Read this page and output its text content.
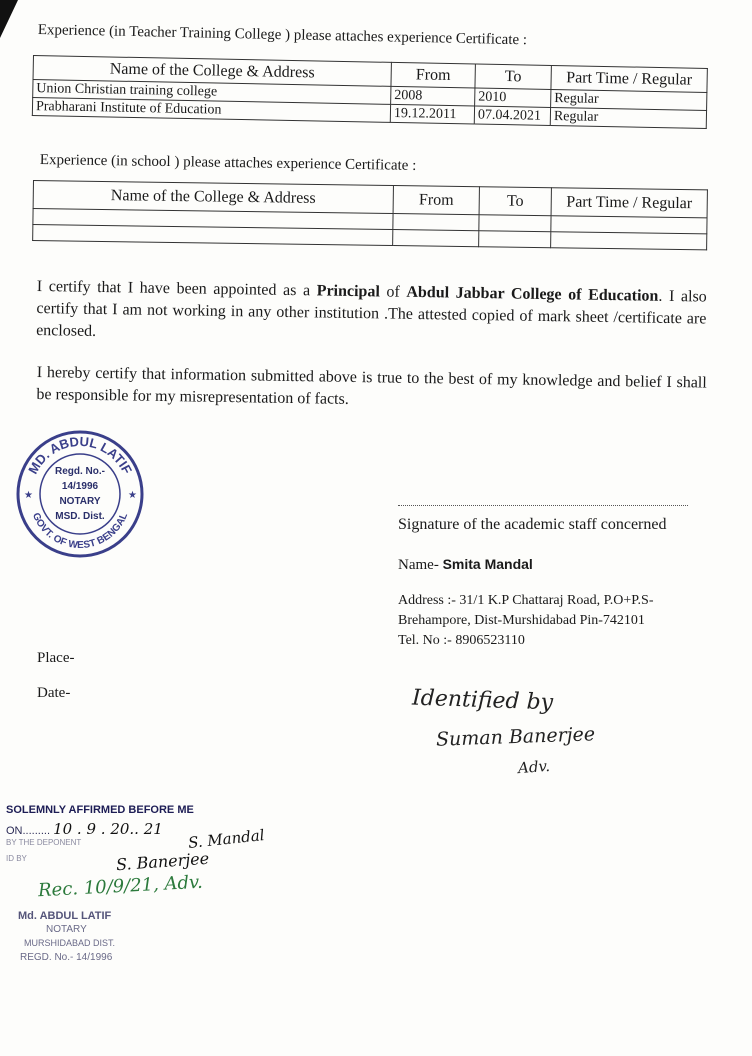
Experience (in Teacher Training College ) please attaches experience Certificate :
Name of the College & Address	From	To	Part Time / Regular
Union Christian training college	2008	2010	Regular
Prabharani Institute of Education	19.12.2011	07.04.2021	Regular
Experience (in school ) please attaches experience Certificate :
Name of the College & Address	From	To	Part Time / Regular

I certify that I have been appointed as a Principal of Abdul Jabbar College of Education. I also certify that I am not working in any other institution .The attested copied of mark sheet /certificate are enclosed.
I hereby certify that information submitted above is true to the best of my knowledge and belief I shall be responsible for my misrepresentation of facts.
MD. ABDUL LATIF
GOVT. OF WEST BENGAL
Regd. No.-
14/1996
NOTARY
MSD. Dist.
★	★
Signature of the academic staff concerned
Name- Smita Mandal
Address :- 31/1 K.P Chattaraj Road, P.O+P.S-Brehampore, Dist-Murshidabad Pin-742101
Tel. No :- 8906523110
Place-
Date-	Identified by
Suman Banerjee
Adv.
SOLEMNLY AFFIRMED BEFORE ME
ON......... 10 . 9 . 20.. 21
BY THE DEPONENT	S. Mandal
ID BY	S. Banerjee
Rec. 10/9/21, Adv.
Md. ABDUL LATIF
NOTARY
MURSHIDABAD DIST.
REGD. No.- 14/1996
